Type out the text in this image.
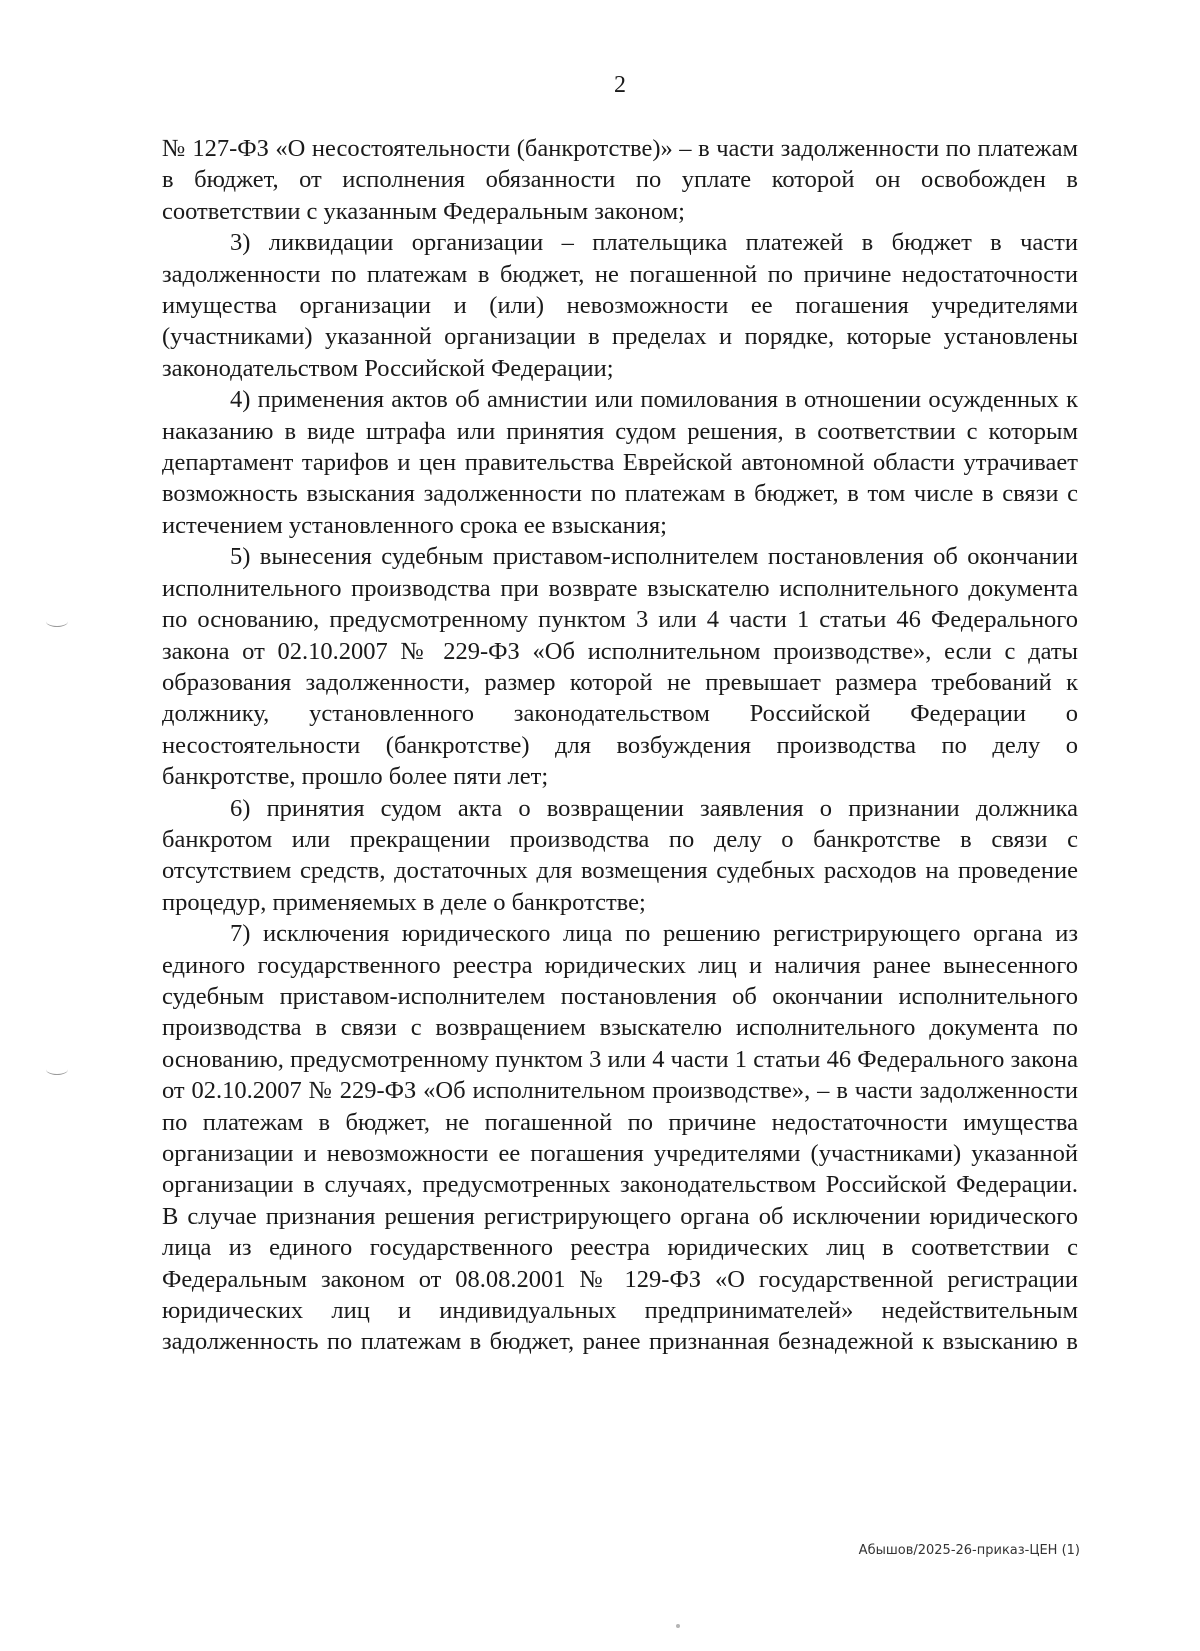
2

№ 127-ФЗ «О несостоятельности (банкротстве)» – в части задолженности по платежам в бюджет, от исполнения обязанности по уплате которой он освобожден в соответствии с указанным Федеральным законом;

3) ликвидации организации – плательщика платежей в бюджет в части задолженности по платежам в бюджет, не погашенной по причине недостаточности имущества организации и (или) невозможности ее погашения учредителями (участниками) указанной организации в пределах и порядке, которые установлены законодательством Российской Федерации;

4) применения актов об амнистии или помилования в отношении осужденных к наказанию в виде штрафа или принятия судом решения, в соответствии с которым департамент тарифов и цен правительства Еврейской автономной области утрачивает возможность взыскания задолженности по платежам в бюджет, в том числе в связи с истечением установленного срока ее взыскания;

5) вынесения судебным приставом-исполнителем постановления об окончании исполнительного производства при возврате взыскателю исполнительного документа по основанию, предусмотренному пунктом 3 или 4 части 1 статьи 46 Федерального закона от 02.10.2007 № 229-ФЗ «Об исполнительном производстве», если с даты образования задолженности, размер которой не превышает размера требований к должнику, установленного законодательством Российской Федерации о несостоятельности (банкротстве) для возбуждения производства по делу о банкротстве, прошло более пяти лет;

6) принятия судом акта о возвращении заявления о признании должника банкротом или прекращении производства по делу о банкротстве в связи с отсутствием средств, достаточных для возмещения судебных расходов на проведение процедур, применяемых в деле о банкротстве;

7) исключения юридического лица по решению регистрирующего органа из единого государственного реестра юридических лиц и наличия ранее вынесенного судебным приставом-исполнителем постановления об окончании исполнительного производства в связи с возвращением взыскателю исполнительного документа по основанию, предусмотренному пунктом 3 или 4 части 1 статьи 46 Федерального закона от 02.10.2007 № 229-ФЗ «Об исполнительном производстве», – в части задолженности по платежам в бюджет, не погашенной по причине недостаточности имущества организации и невозможности ее погашения учредителями (участниками) указанной организации в случаях, предусмотренных законодательством Российской Федерации. В случае признания решения регистрирующего органа об исключении юридического лица из единого государственного реестра юридических лиц в соответствии с Федеральным законом от 08.08.2001 № 129-ФЗ «О государственной регистрации юридических лиц и индивидуальных предпринимателей» недействительным задолженность по платежам в бюджет, ранее признанная безнадежной к взысканию в

Абышов/2025-26-приказ-ЦЕН (1)
